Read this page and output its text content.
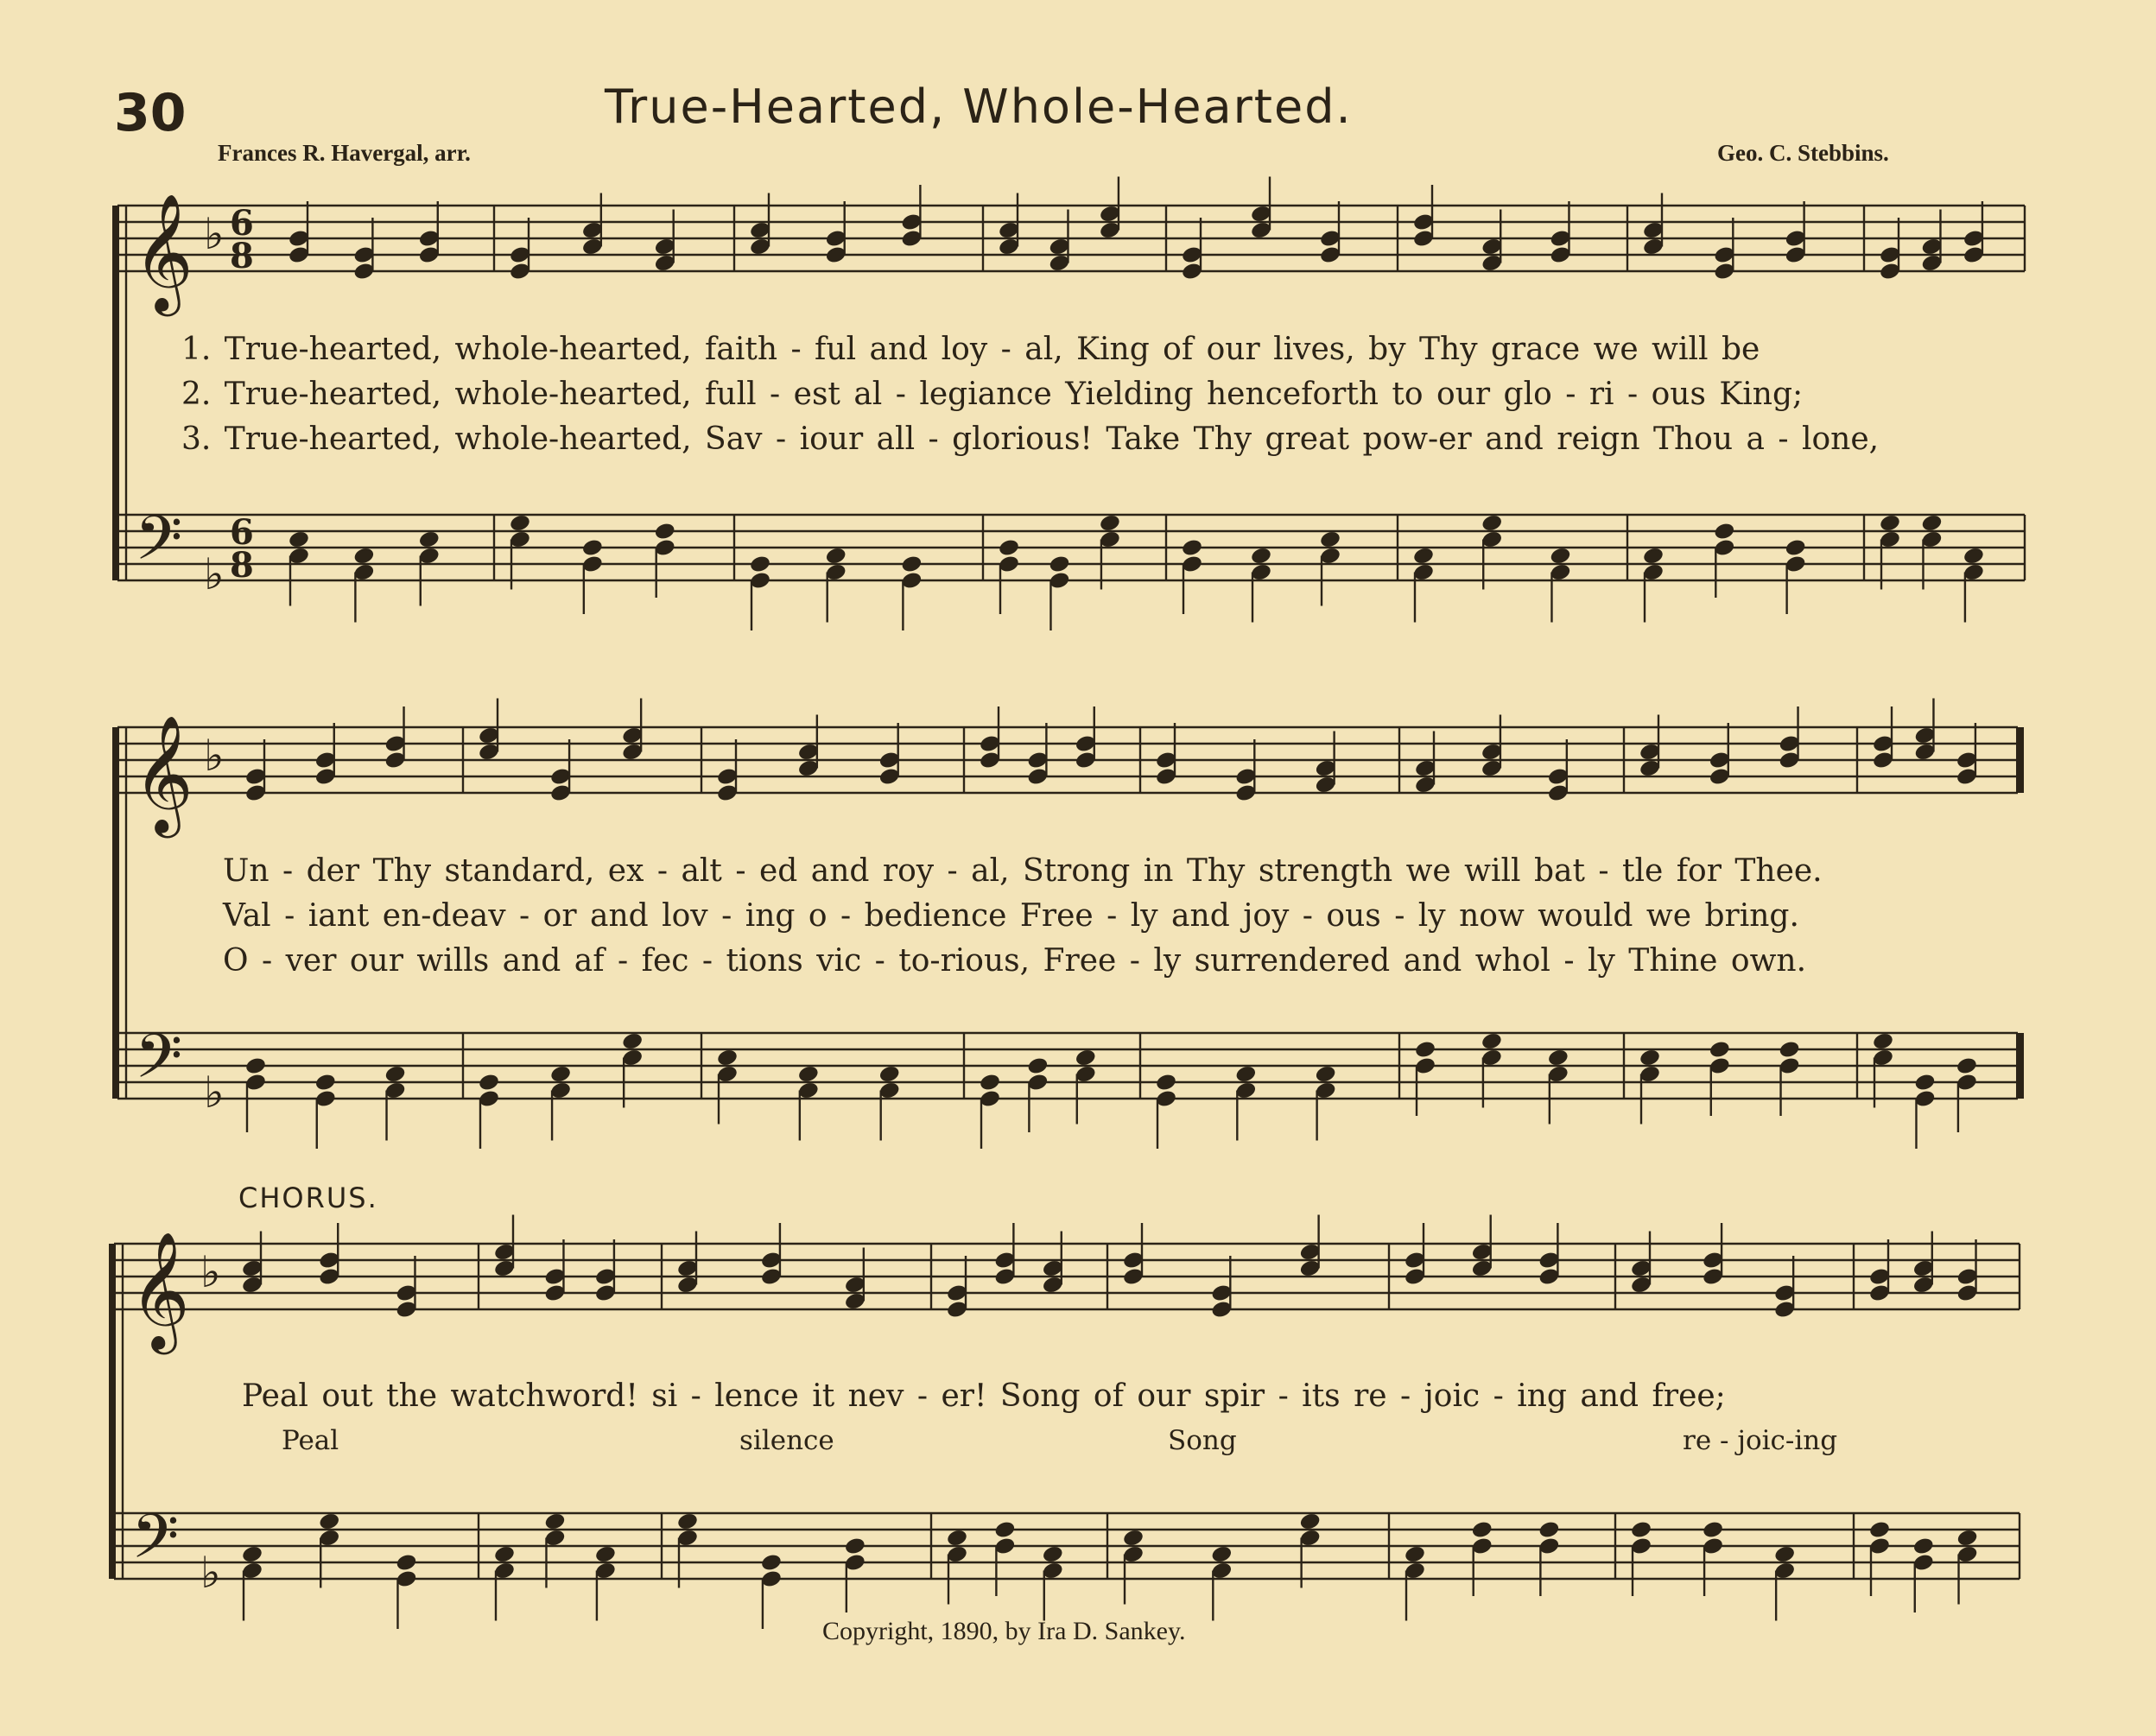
30	True-Hearted, Whole-Hearted.
Frances R. Havergal, arr.	Geo. C. Stebbins.
𝄞
𝄢
♭
♭
6
8
6
8
𝄞
𝄢
♭
♭
𝄞
𝄢
♭
♭
1. True-hearted, whole-hearted, faith - ful and loy - al, King of our lives, by Thy grace we will be
2. True-hearted, whole-hearted, full - est al - legiance Yielding henceforth to our glo - ri - ous King;
3. True-hearted, whole-hearted, Sav - iour all - glorious! Take Thy great pow-er and reign Thou a - lone,
Un - der Thy standard, ex - alt - ed and roy - al, Strong in Thy strength we will bat - tle for Thee.
Val - iant en-deav - or and lov - ing o - bedience Free - ly and joy - ous - ly now would we bring.
O - ver our wills and af - fec - tions vic - to-rious, Free - ly surrendered and whol - ly Thine own.
CHORUS.
Peal out the watchword! si - lence it nev - er! Song of our spir - its re - joic - ing and free;
Peal	silence	Song	re - joic-ing
Copyright, 1890, by Ira D. Sankey.
